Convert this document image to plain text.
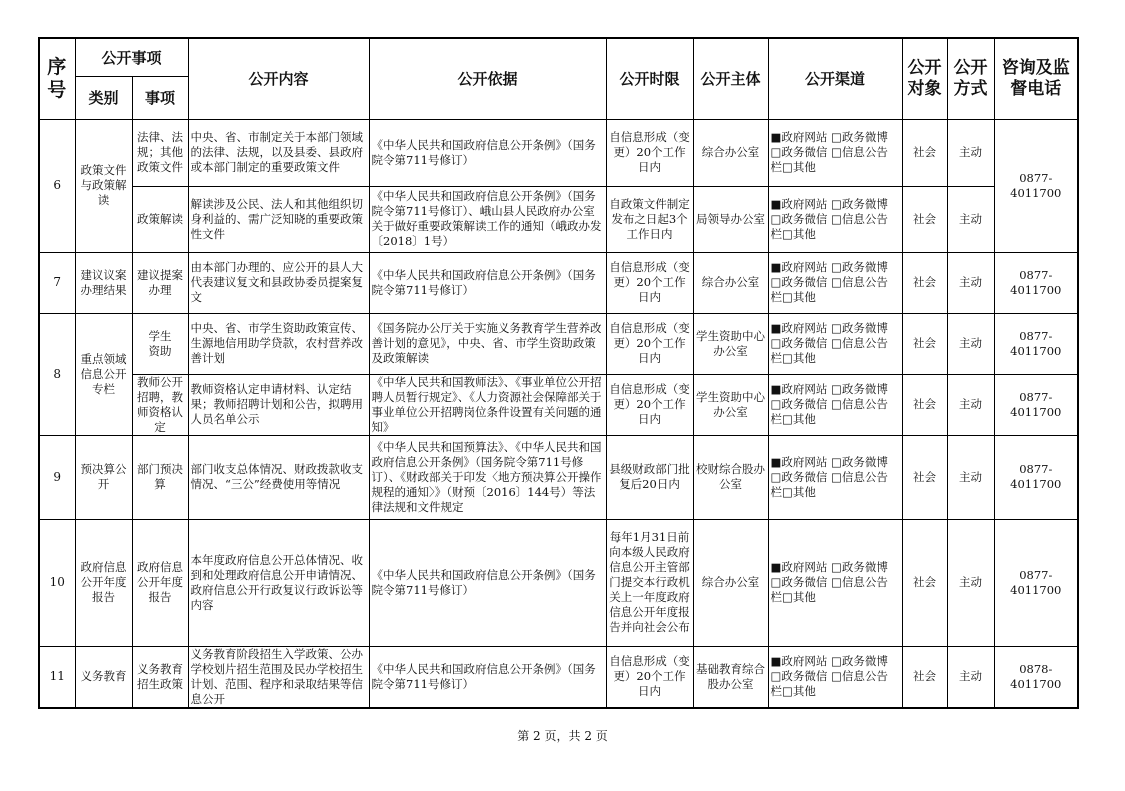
序号	公开事项		公开内容	公开依据	公开时限	公开主体	公开渠道	公开对象	公开方式	咨询及监督电话

	类别	事项								
6	政策文件与政策解读	法律、法规；其他政策文件	中央、省、市制定关于本部门领域的法律、法规，以及县委、县政府或本部门制定的重要政策文件	《中华人民共和国政府信息公开条例》（国务院令第711号修订）	自信息形成（变更）20个工作日内	综合办公室	■政府网站 □政务微博
□政务微信 □信息公告
栏□其他	社会	主动	0877-4011700
		政策解读	解读涉及公民、法人和其他组织切身利益的、需广泛知晓的重要政策性文件	《中华人民共和国政府信息公开条例》（国务院令第711号修订）、峨山县人民政府办公室关于做好重要政策解读工作的通知（峨政办发〔2018〕1号）	自政策文件制定发布之日起3个工作日内	局领导办公室	■政府网站 □政务微博
□政务微信 □信息公告
栏□其他	社会	主动	
7	建议议案办理结果	建议提案办理	由本部门办理的、应公开的县人大代表建议复文和县政协委员提案复文	《中华人民共和国政府信息公开条例》（国务院令第711号修订）	自信息形成（变更）20个工作日内	综合办公室	■政府网站 □政务微博
□政务微信 □信息公告
栏□其他	社会	主动	0877-4011700
8	重点领域信息公开专栏	学生资助	中央、省、市学生资助政策宣传、生源地信用助学贷款，农村营养改善计划	《国务院办公厅关于实施义务教育学生营养改善计划的意见》，中央、省、市学生资助政策及政策解读	自信息形成（变更）20个工作日内	学生资助中心办公室	■政府网站 □政务微博
□政务微信 □信息公告
栏□其他	社会	主动	0877-4011700
		教师公开招聘，教师资格认定	教师资格认定申请材料、认定结果；教师招聘计划和公告，拟聘用人员名单公示	《中华人民共和国教师法》、《事业单位公开招聘人员暂行规定》、《人力资源社会保障部关于事业单位公开招聘岗位条件设置有关问题的通知》	自信息形成（变更）20个工作日内	学生资助中心办公室	■政府网站 □政务微博
□政务微信 □信息公告
栏□其他	社会	主动	0877-4011700
9	预决算公开	部门预决算	部门收支总体情况、财政拨款收支情况、“三公”经费使用等情况	《中华人民共和国预算法》、《中华人民共和国政府信息公开条例》（国务院令第711号修订）、《财政部关于印发〈地方预决算公开操作规程的通知〉》（财预〔2016〕144号）等法律法规和文件规定	县级财政部门批复后20日内	校财综合股办公室	■政府网站 □政务微博
□政务微信 □信息公告
栏□其他	社会	主动	0877-4011700
10	政府信息公开年度报告	政府信息公开年度报告	本年度政府信息公开总体情况、收到和处理政府信息公开申请情况、政府信息公开行政复议行政诉讼等内容	《中华人民共和国政府信息公开条例》（国务院令第711号修订）	每年1月31日前向本级人民政府信息公开主管部门提交本行政机关上一年度政府信息公开年度报告并向社会公布	综合办公室	■政府网站 □政务微博
□政务微信 □信息公告
栏□其他	社会	主动	0877-4011700
11	义务教育	义务教育招生政策	义务教育阶段招生入学政策、公办学校划片招生范围及民办学校招生计划、范围、程序和录取结果等信息公开	《中华人民共和国政府信息公开条例》（国务院令第711号修订）	自信息形成（变更）20个工作日内	基础教育综合股办公室	■政府网站 □政务微博
□政务微信 □信息公告
栏□其他	社会	主动	0878-4011700
第 2 页，共 2 页
